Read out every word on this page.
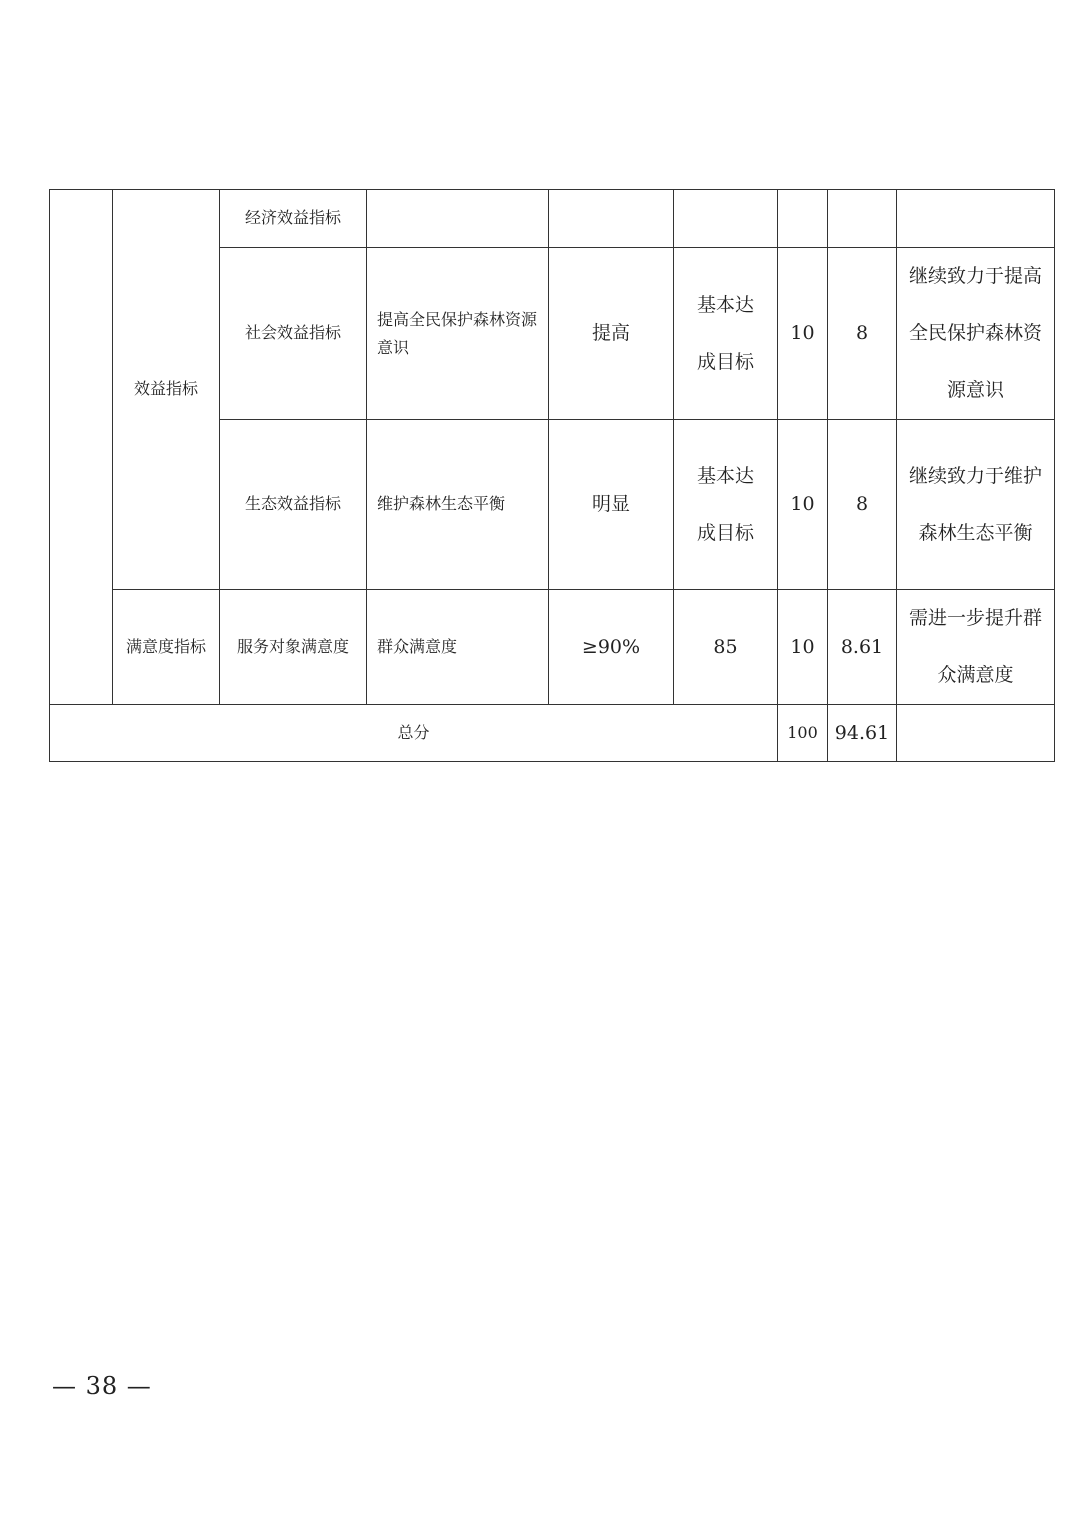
	效益指标	经济效益指标						
		社会效益指标	提高全民保护森林资源意识	提高	基本达成目标	10	8	继续致力于提高全民保护森林资源意识
		生态效益指标	维护森林生态平衡	明显	基本达成目标	10	8	继续致力于维护森林生态平衡
	满意度指标	服务对象满意度	群众满意度	≥90%	85	10	8.61	需进一步提升群众满意度
总分						100	94.61	
— 38 —
